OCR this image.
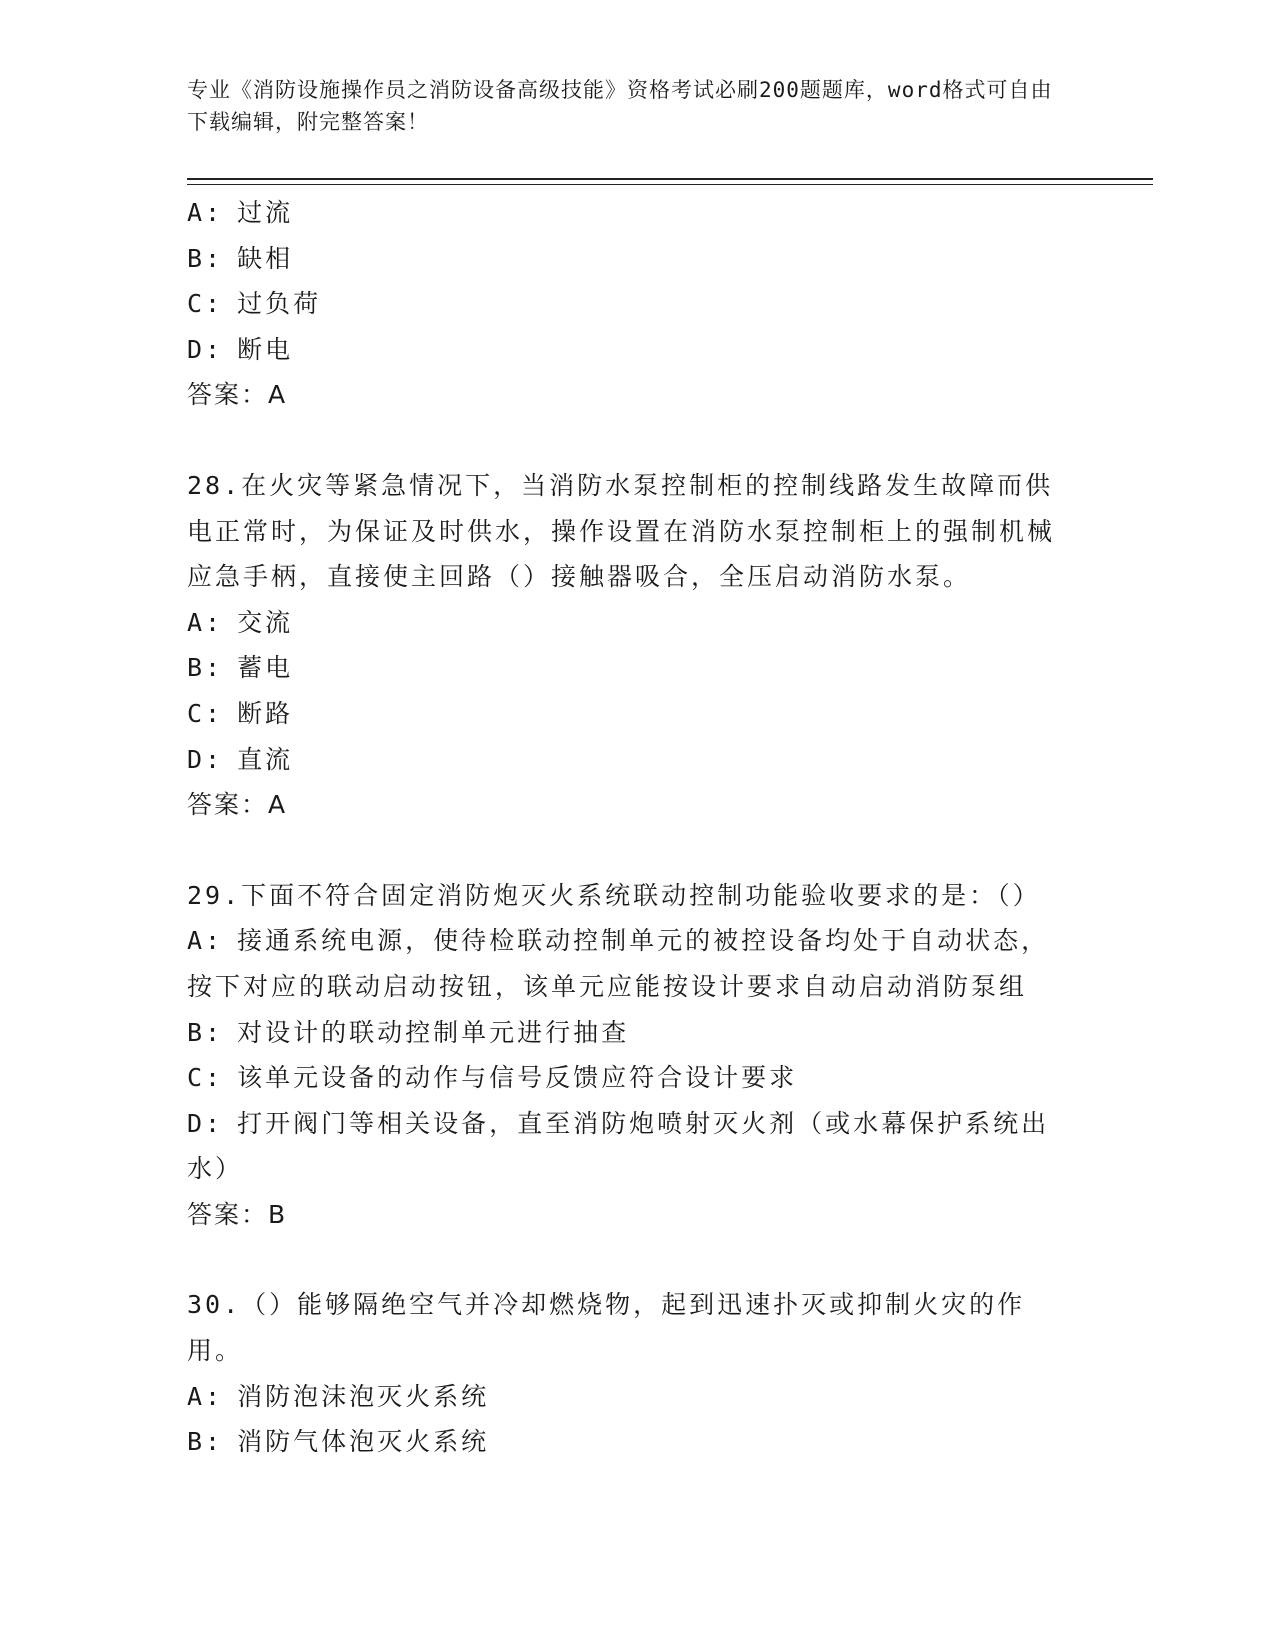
专业《消防设施操作员之消防设备高级技能》资格考试必刷200题题库，word格式可自由下载编辑，附完整答案！
A: 过流
B: 缺相
C: 过负荷
D: 断电
答案：A
28.在火灾等紧急情况下，当消防水泵控制柜的控制线路发生故障而供电正常时，为保证及时供水，操作设置在消防水泵控制柜上的强制机械应急手柄，直接使主回路（）接触器吸合，全压启动消防水泵。
A: 交流
B: 蓄电
C: 断路
D: 直流
答案：A
29.下面不符合固定消防炮灭火系统联动控制功能验收要求的是：（）
A: 接通系统电源，使待检联动控制单元的被控设备均处于自动状态，按下对应的联动启动按钮，该单元应能按设计要求自动启动消防泵组
B: 对设计的联动控制单元进行抽查
C: 该单元设备的动作与信号反馈应符合设计要求
D: 打开阀门等相关设备，直至消防炮喷射灭火剂（或水幕保护系统出水）
答案：B
30.（）能够隔绝空气并冷却燃烧物，起到迅速扑灭或抑制火灾的作用。
A: 消防泡沫泡灭火系统
B: 消防气体泡灭火系统
